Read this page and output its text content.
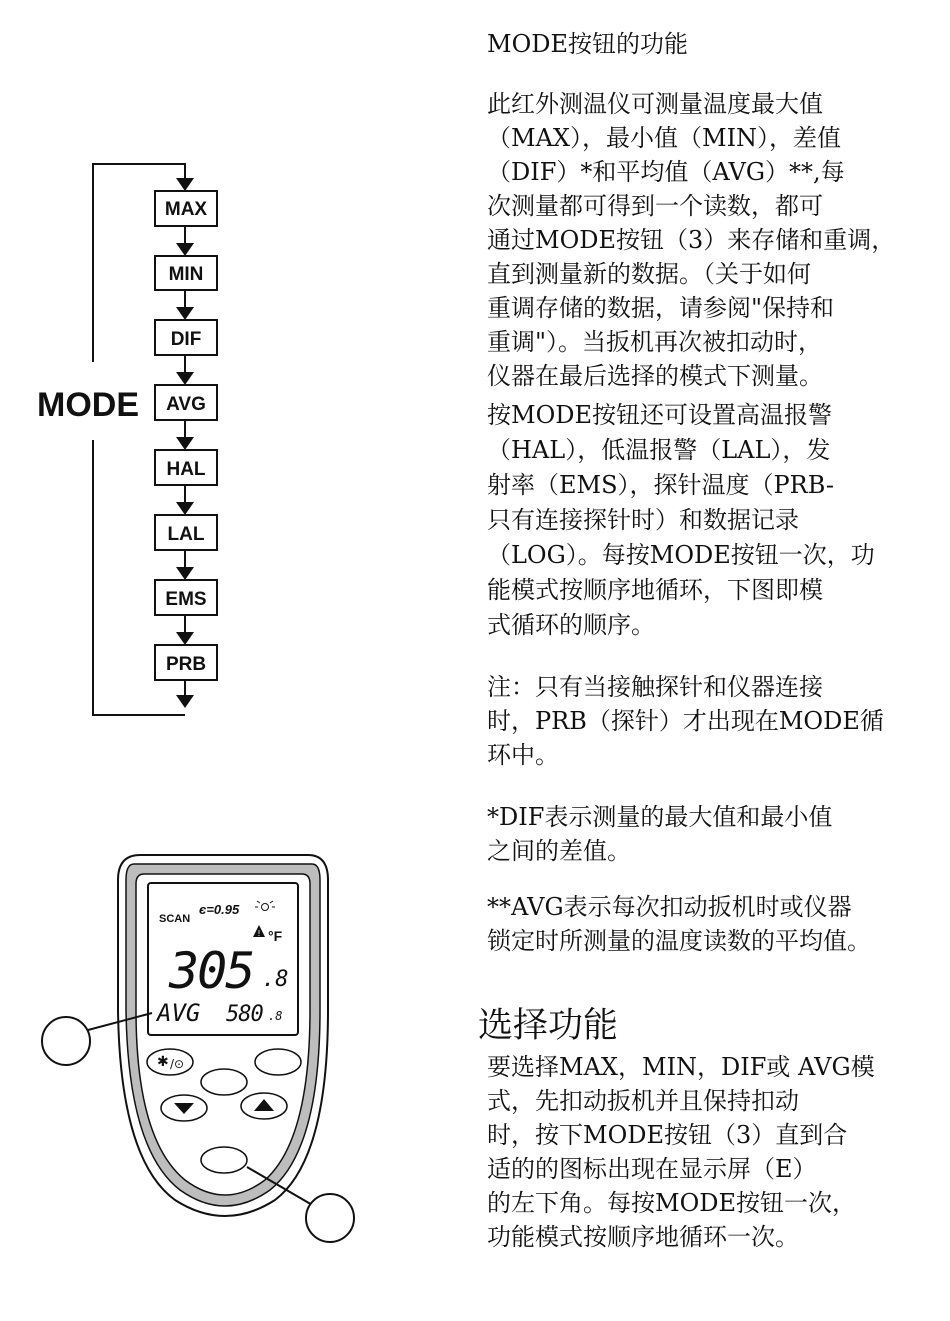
MODE按钮的功能
此红外测温仪可测量温度最大值
（MAX），最小值（MIN），差值
（DIF）*和平均值（AVG）**,每
次测量都可得到一个读数，都可
通过MODE按钮（3）来存储和重调，
直到测量新的数据。（关于如何
重调存储的数据，请参阅"保持和
重调"）。当扳机再次被扣动时，
仪器在最后选择的模式下测量。
按MODE按钮还可设置高温报警
（HAL），低温报警（LAL），发
射率（EMS），探针温度（PRB-
只有连接探针时）和数据记录
（LOG）。每按MODE按钮一次，功
能模式按顺序地循环，下图即模
式循环的顺序。
注：只有当接触探针和仪器连接
时，PRB（探针）才出现在MODE循
环中。
*DIF表示测量的最大值和最小值
之间的差值。
**AVG表示每次扣动扳机时或仪器
锁定时所测量的温度读数的平均值。
选择功能
要选择MAX，MIN，DIF或 AVG模
式，先扣动扳机并且保持扣动
时，按下MODE按钮（3）直到合
适的的图标出现在显示屏（E）
的左下角。每按MODE按钮一次，
功能模式按顺序地循环一次。
MAX
MIN
DIF
AVG
HAL
LAL
EMS
PRB
MODE
SCAN
є=0.95
! °F
305 .8
AVG 580 .8
✱ /⊙
